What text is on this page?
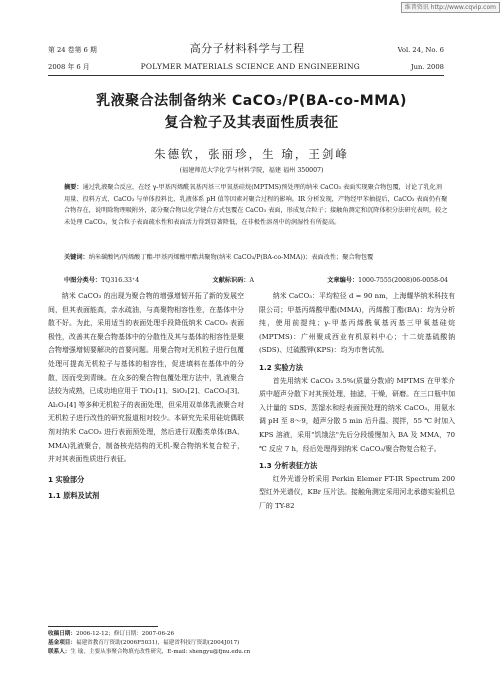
维普资讯 http://www.cqvip.com
第 24 卷第 6 期	高分子材料科学与工程	Vol. 24, No. 6
2008 年 6 月	POLYMER MATERIALS SCIENCE AND ENGINEERING	Jun. 2008
乳液聚合法制备纳米 CaCO₃/P(BA-co-MMA)
复合粒子及其表面性质表征
朱德钦，张丽珍，生 瑜，王剑峰
(福建师范大学化学与材料学院，福建 福州 350007)
摘要：通过乳液聚合反应，在经 γ-甲基丙烯酰氧基丙基三甲氧基硅烷(MPTMS)预处理的纳米 CaCO₃ 表面实现聚合物包覆，讨论了乳化剂用量、投料方式、CaCO₃ 与单体投料比、乳液体系 pH 值等因素对聚合过程的影响。IR 分析发现，产物经甲苯抽提后，CaCO₃ 表面仍有聚合物存在，说明除物理吸附外，部分聚合物以化学键合方式包覆在 CaCO₃ 表面，形成复合粒子；接触角测定和沉降体积分法研究表明，较之未处理 CaCO₃，复合粒子表面疏水性和表面活力得到显著降低，在非极性溶剂中的润湿性有所提高。
关键词：纳米碳酸钙/丙烯酸丁酯-甲基丙烯酸甲酯共聚物(纳米 CaCO₃/P(BA-co-MMA))；表面改性；聚合物包覆
中图分类号：TQ316.33⁺4	文献标识码：A	文章编号：1000-7555(2008)06-0058-04

纳米 CaCO₃ 的出现为聚合物的增强增韧开拓了新的发展空间，但其表面能高，亲水疏油，与高聚物相容性差，在基体中分散不好。为此，采用适当的表面处理手段降低纳米 CaCO₃ 表面极性，改善其在聚合物基体中的分散性及其与基体的相容性是聚合物增强增韧要解决的首要问题。用聚合物对无机粒子进行包覆处理可提高无机粒子与基体的相容性，促进填料在基体中的分散，因而受到青睐。在众多的聚合物包覆处理方法中，乳液聚合法较为成熟，已成功地应用于 TiO₂[1]、SiO₂[2]、CaCO₃[3]、Al₂O₃[4] 等多种无机粒子的表面处理，但采用双单体乳液聚合对无机粒子进行改性的研究报道相对较少。本研究先采用硅烷偶联剂对纳米 CaCO₃ 进行表面预处理，然后进行双酯类单体(BA、MMA)乳液聚合，制备核壳结构的无机-聚合物纳米复合粒子，并对其表面性质进行表征。

1 实验部分
1.1 原料及试剂

纳米 CaCO₃：平均粒径 d = 90 nm，上海耀华纳米科技有限公司；甲基丙烯酸甲酯(MMA)，丙烯酸丁酯(BA)：均为分析纯，使用前提纯；γ-甲基丙烯酰氧基丙基三甲氧基硅烷(MPTMS)：广州聚成西业有机原料中心；十二烷基硫酸钠(SDS)、过硫酸钾(KPS)：均为市售试剂。

1.2 实验方法

首先用纳米 CaCO₃ 3.5%(质量分数)的 MPTMS 在甲苯介质中超声分散下对其预处理，抽滤，干燥，研磨。在三口瓶中加入计量的 SDS、蒸馏水和经表面预处理的纳米 CaCO₃，用氨水调 pH 至 8～9，超声分散 5 min 后升温、搅拌，55 ℃ 时加入 KPS 溶液，采用"饥饿法"先后分段缓慢加入 BA 及 MMA，70 ℃ 反应 7 h，经后处理得到纳米 CaCO₃/聚合物复合粒子。

1.3 分析表征方法

红外光谱分析采用 Perkin Elemer FT-IR Spectrum 200 型红外光谱仪，KBr 压片法。接触角测定采用河北承德实验机总厂的 TY-82

收稿日期：2006-12-12；修订日期：2007-06-26
基金项目：福建省教育厅资助(2006F5031)，福建省科技厅资助(2004J017)
联系人：生 瑜，主要从事聚合物填充改性研究，E-mail: shengyu@fjnu.edu.cn
